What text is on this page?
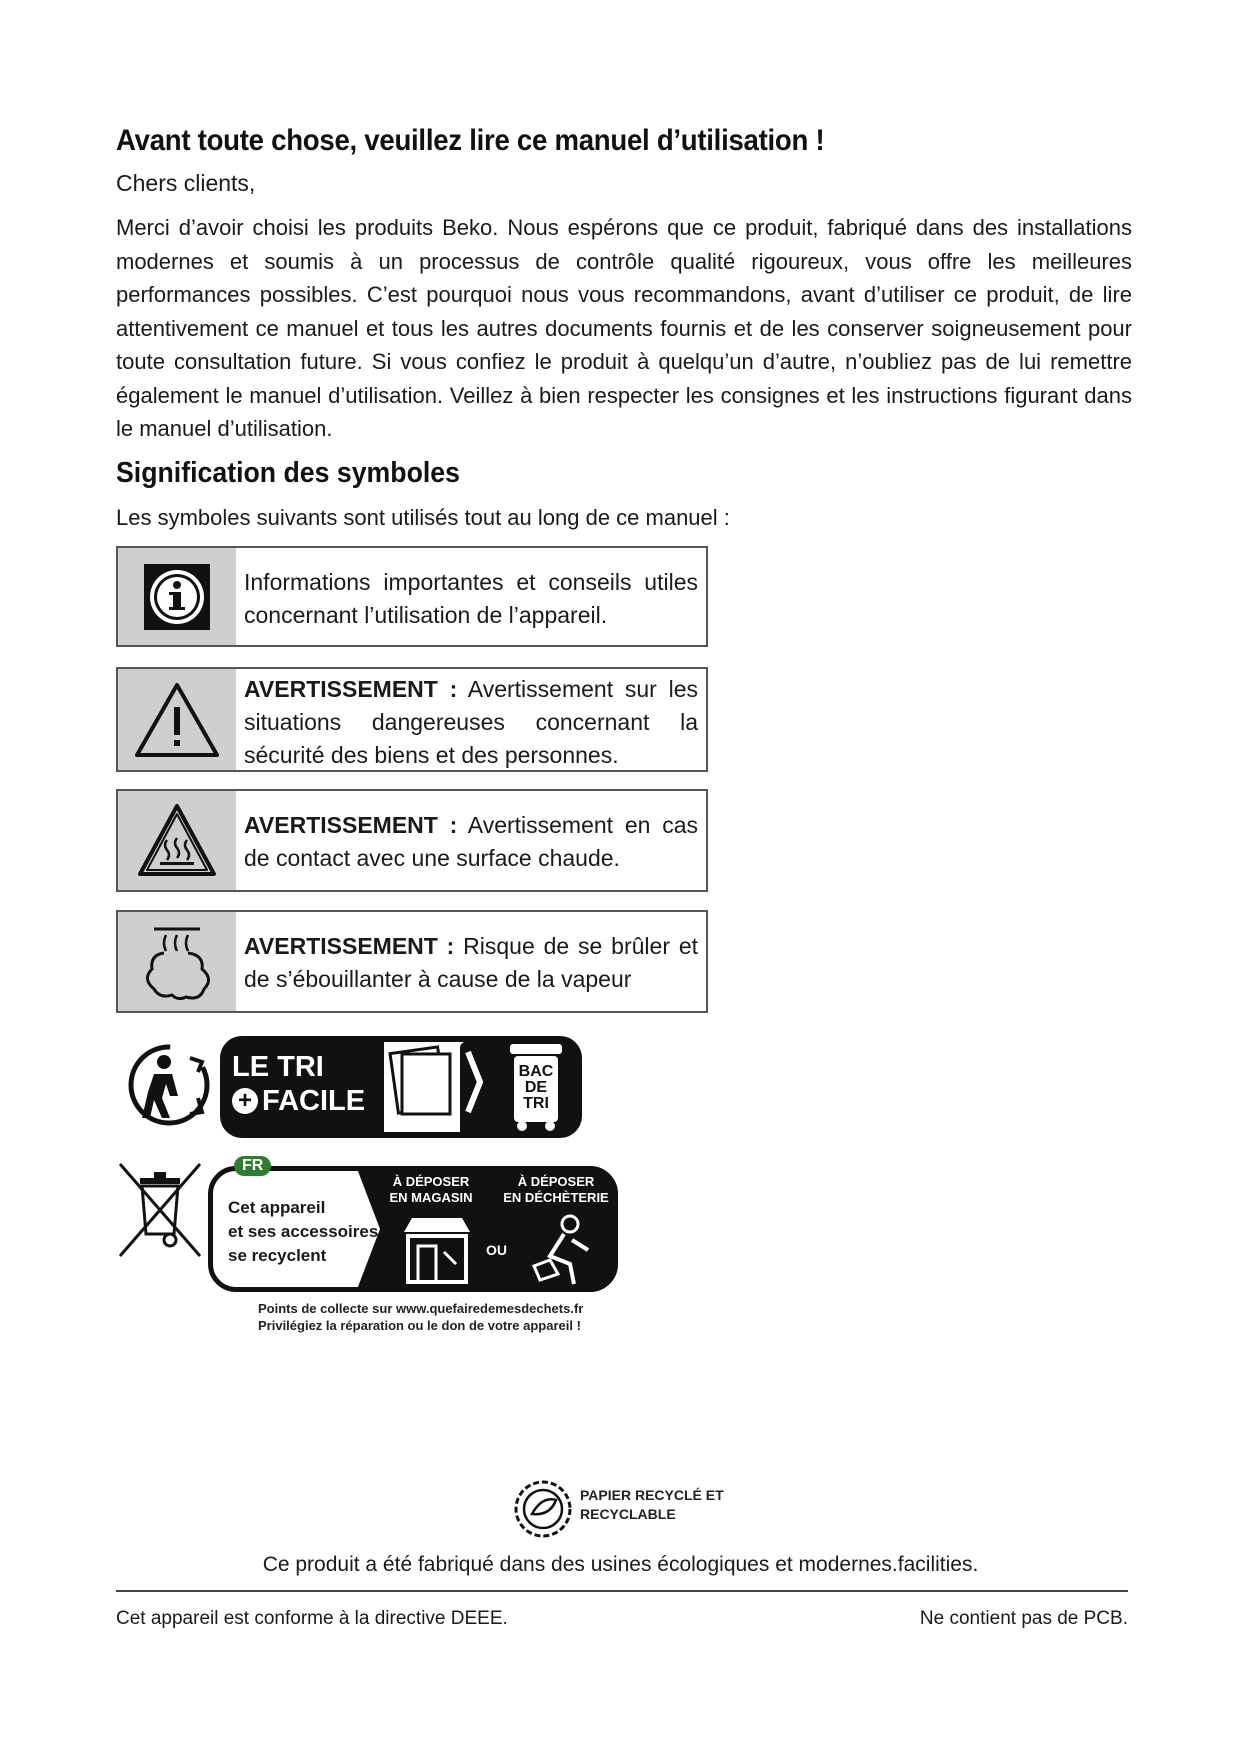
Avant toute chose, veuillez lire ce manuel d’utilisation !

Chers clients,

Merci d’avoir choisi les produits Beko. Nous espérons que ce produit, fabriqué dans des installations modernes et soumis à un processus de contrôle qualité rigoureux, vous offre les meilleures performances possibles. C’est pourquoi nous vous recommandons, avant d’utiliser ce produit, de lire attentivement ce manuel et tous les autres documents fournis et de les conserver soigneusement pour toute consultation future. Si vous confiez le produit à quelqu’un d’autre, n’oubliez pas de lui remettre également le manuel d’utilisation. Veillez à bien respecter les consignes et les instructions figurant dans le manuel d’utilisation.

Signification des symboles

Les symboles suivants sont utilisés tout au long de ce manuel :

Informations importantes et conseils utiles concernant l’utilisation de l’appareil.
AVERTISSEMENT : Avertissement sur les situations dangereuses concernant la sécurité des biens et des personnes.
AVERTISSEMENT : Avertissement en cas de contact avec une surface chaude.
AVERTISSEMENT : Risque de se brûler et de s’ébouillanter à cause de la vapeur
LE TRI
+ FACILE
BAC
DE
TRI
FR
Cet appareil
et ses accessoires
se recyclent
À DÉPOSER
EN MAGASIN
À DÉPOSER
EN DÉCHÈTERIE
OU
Points de collecte sur www.quefairedemesdechets.fr
Privilégiez la réparation ou le don de votre appareil !
PAPIER RECYCLÉ ET
RECYCLABLE

Ce produit a été fabriqué dans des usines écologiques et modernes.facilities.

Cet appareil est conforme à la directive DEEE.	Ne contient pas de PCB.
